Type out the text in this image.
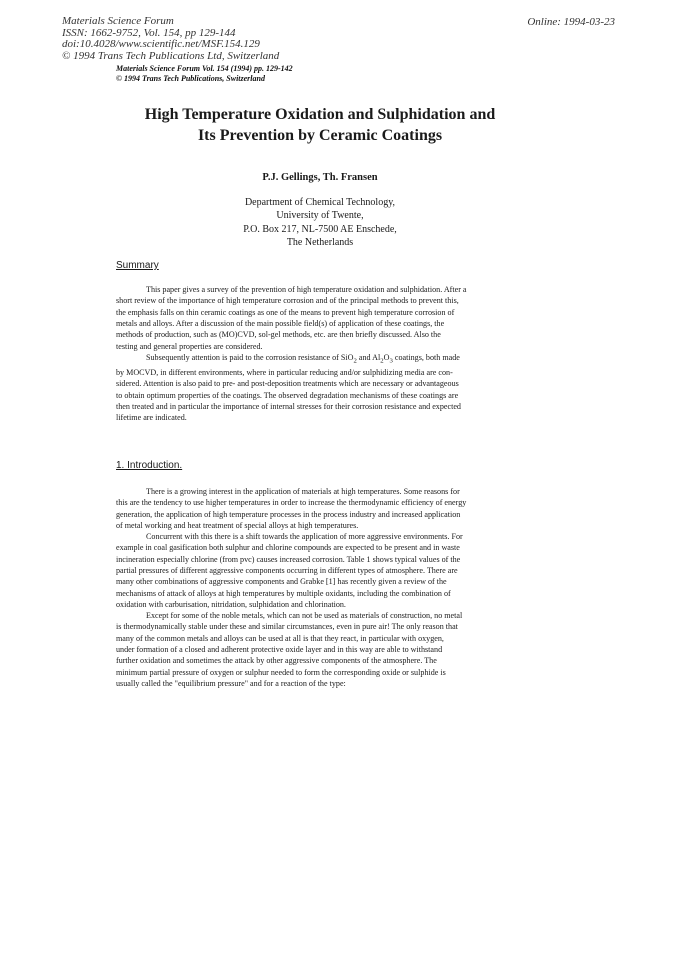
Materials Science Forum
ISSN: 1662-9752, Vol. 154, pp 129-144
doi:10.4028/www.scientific.net/MSF.154.129
© 1994 Trans Tech Publications Ltd, Switzerland
Online: 1994-03-23
Materials Science Forum Vol. 154 (1994) pp. 129-142
© 1994 Trans Tech Publications, Switzerland
High Temperature Oxidation and Sulphidation and
Its Prevention by Ceramic Coatings
P.J. Gellings, Th. Fransen
Department of Chemical Technology,
University of Twente,
P.O. Box 217, NL-7500 AE Enschede,
The Netherlands
Summary
This paper gives a survey of the prevention of high temperature oxidation and sulphidation. After a
short review of the importance of high temperature corrosion and of the principal methods to prevent this,
the emphasis falls on thin ceramic coatings as one of the means to prevent high temperature corrosion of
metals and alloys. After a discussion of the main possible field(s) of application of these coatings, the
methods of production, such as (MO)CVD, sol-gel methods, etc. are then briefly discussed. Also the
testing and general properties are considered.
Subsequently attention is paid to the corrosion resistance of SiO$_2$ and $Al_2O_3$ coatings, both made
by MOCVD, in different environments, where in particular reducing and/or sulphidizing media are con-
sidered. Attention is also paid to pre- and post-deposition treatments which are necessary or advantageous
to obtain optimum properties of the coatings. The observed degradation mechanisms of these coatings are
then treated and in particular the importance of internal stresses for their corrosion resistance and expected
lifetime are indicated.
1. Introduction.
There is a growing interest in the application of materials at high temperatures. Some reasons for
this are the tendency to use higher temperatures in order to increase the thermodynamic efficiency of energy
generation, the application of high temperature processes in the process industry and increased application
of metal working and heat treatment of special alloys at high temperatures.
Concurrent with this there is a shift towards the application of more aggressive environments. For
example in coal gasification both sulphur and chlorine compounds are expected to be present and in waste
incineration especially chlorine (from pvc) causes increased corrosion. Table 1 shows typical values of the
partial pressures of different aggressive components occurring in different types of atmosphere. There are
many other combinations of aggressive components and Grabke [1] has recently given a review of the
mechanisms of attack of alloys at high temperatures by multiple oxidants, including the combination of
oxidation with carburisation, nitridation, sulphidation and chlorination.
Except for some of the noble metals, which can not be used as materials of construction, no metal
is thermodynamically stable under these and similar circumstances, even in pure air! The only reason that
many of the common metals and alloys can be used at all is that they react, in particular with oxygen,
under formation of a closed and adherent protective oxide layer and in this way are able to withstand
further oxidation and sometimes the attack by other aggressive components of the atmosphere. The
minimum partial pressure of oxygen or sulphur needed to form the corresponding oxide or sulphide is
usually called the "equilibrium pressure" and for a reaction of the type:
